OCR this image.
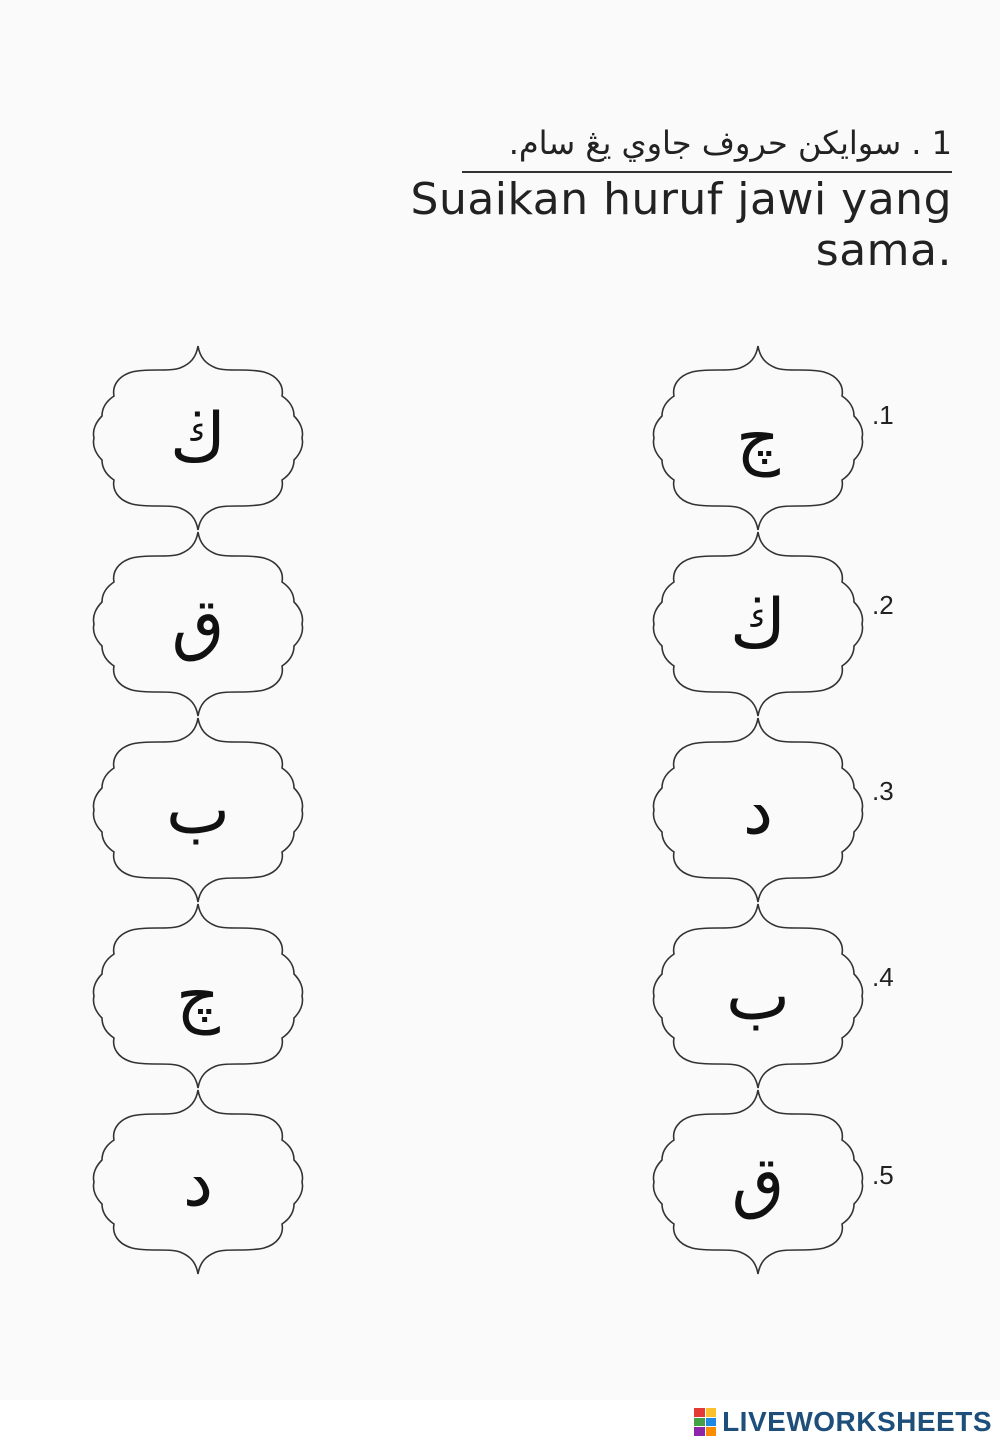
1 . سوايكن حروف جاوي يڠ سام.
Suaikan huruf jawi yang sama.
ڬ
ق
ب
چ
د
چ	.1
ڬ	.2
د	.3
ب	.4
ق	.5
LIVEWORKSHEETS
